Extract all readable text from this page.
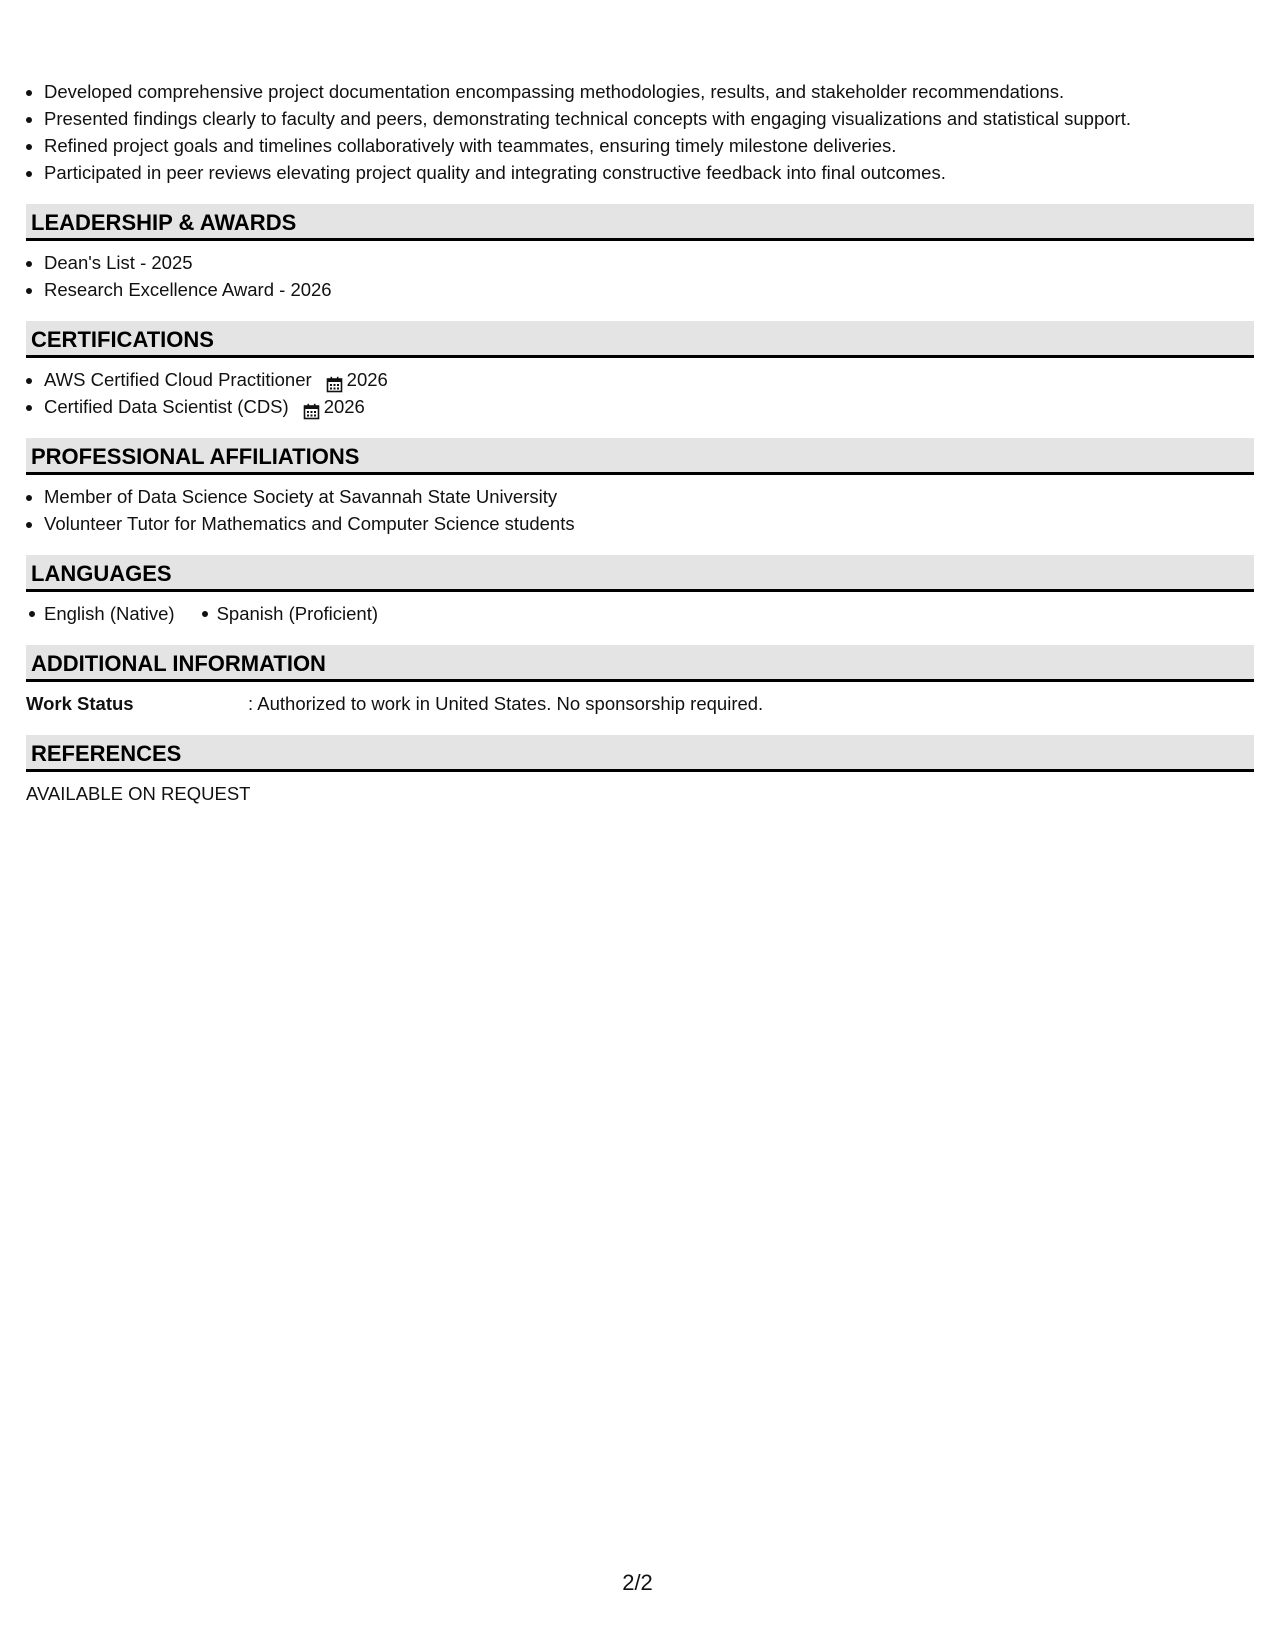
• Developed comprehensive project documentation encompassing methodologies, results, and stakeholder recommendations.
• Presented findings clearly to faculty and peers, demonstrating technical concepts with engaging visualizations and statistical support.
• Refined project goals and timelines collaboratively with teammates, ensuring timely milestone deliveries.
• Participated in peer reviews elevating project quality and integrating constructive feedback into final outcomes.
LEADERSHIP & AWARDS
• Dean's List - 2025
• Research Excellence Award - 2026
CERTIFICATIONS
• AWS Certified Cloud Practitioner 2026
• Certified Data Scientist (CDS) 2026
PROFESSIONAL AFFILIATIONS
• Member of Data Science Society at Savannah State University
• Volunteer Tutor for Mathematics and Computer Science students
LANGUAGES
English (Native)	Spanish (Proficient)
ADDITIONAL INFORMATION
Work Status	: Authorized to work in United States. No sponsorship required.
REFERENCES
AVAILABLE ON REQUEST
2/2
